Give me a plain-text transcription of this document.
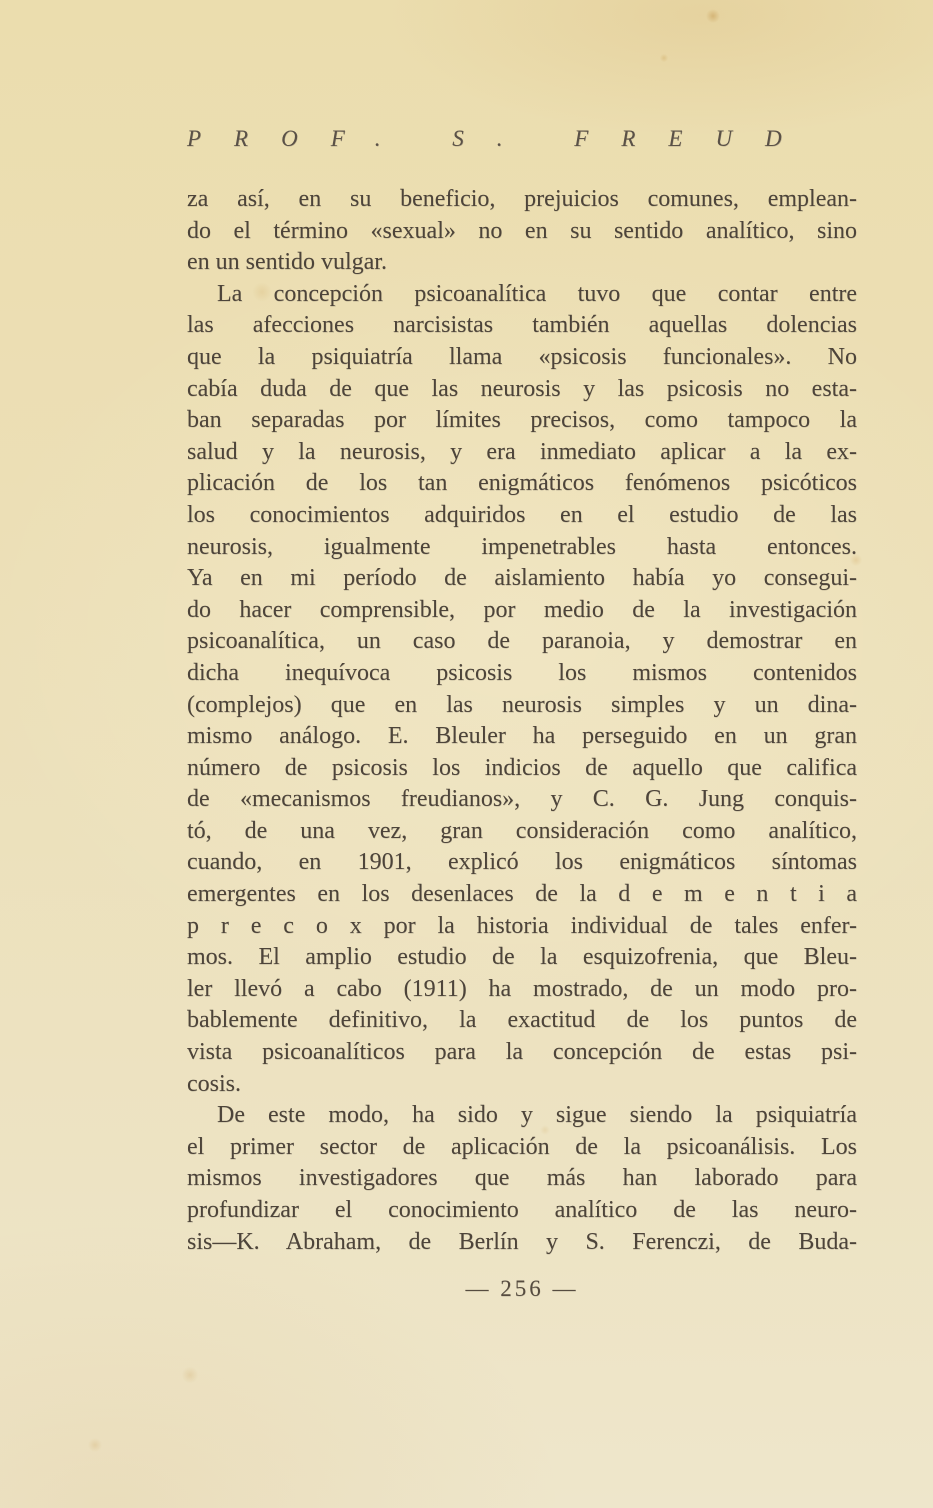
PROF. S. FREUD
za así, en su beneficio, prejuicios comunes, emplean-
do el término «sexual» no en su sentido analítico, sino
en un sentido vulgar.
La concepción psicoanalítica tuvo que contar entre
las afecciones narcisistas también aquellas dolencias
que la psiquiatría llama «psicosis funcionales». No
cabía duda de que las neurosis y las psicosis no esta-
ban separadas por límites precisos, como tampoco la
salud y la neurosis, y era inmediato aplicar a la ex-
plicación de los tan enigmáticos fenómenos psicóticos
los conocimientos adquiridos en el estudio de las
neurosis, igualmente impenetrables hasta entonces.
Ya en mi período de aislamiento había yo consegui-
do hacer comprensible, por medio de la investigación
psicoanalítica, un caso de paranoia, y demostrar en
dicha inequívoca psicosis los mismos contenidos
(complejos) que en las neurosis simples y un dina-
mismo análogo. E. Bleuler ha perseguido en un gran
número de psicosis los indicios de aquello que califica
de «mecanismos freudianos», y C. G. Jung conquis-
tó, de una vez, gran consideración como analítico,
cuando, en 1901, explicó los enigmáticos síntomas
emergentes en los desenlaces de la d e m e n t i a
p r e c o x por la historia individual de tales enfer-
mos. El amplio estudio de la esquizofrenia, que Bleu-
ler llevó a cabo (1911) ha mostrado, de un modo pro-
bablemente definitivo, la exactitud de los puntos de
vista psicoanalíticos para la concepción de estas psi-
cosis.
De este modo, ha sido y sigue siendo la psiquiatría
el primer sector de aplicación de la psicoanálisis. Los
mismos investigadores que más han laborado para
profundizar el conocimiento analítico de las neuro-
sis—K. Abraham, de Berlín y S. Ferenczi, de Buda-
— 256 —
